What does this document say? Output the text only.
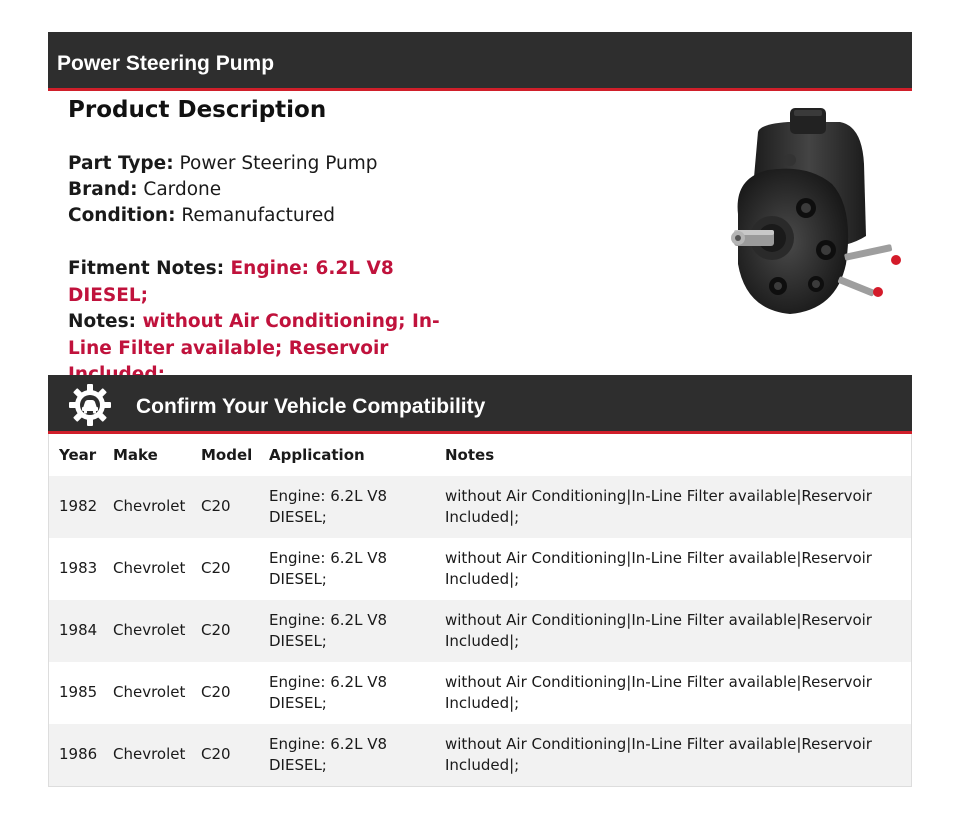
Power Steering Pump
Product Description
Part Type: Power Steering Pump
Brand: Cardone
Condition: Remanufactured
Fitment Notes: Engine: 6.2L V8 DIESEL;
Notes: without Air Conditioning; In-Line Filter available; Reservoir
Confirm Your Vehicle Compatibility
Year	Make	Model	Application	Notes
1982	Chevrolet	C20	Engine: 6.2L V8 DIESEL;	without Air Conditioning|In-Line Filter available|Reservoir Included|;
1983	Chevrolet	C20	Engine: 6.2L V8 DIESEL;	without Air Conditioning|In-Line Filter available|Reservoir Included|;
1984	Chevrolet	C20	Engine: 6.2L V8 DIESEL;	without Air Conditioning|In-Line Filter available|Reservoir Included|;
1985	Chevrolet	C20	Engine: 6.2L V8 DIESEL;	without Air Conditioning|In-Line Filter available|Reservoir Included|;
1986	Chevrolet	C20	Engine: 6.2L V8 DIESEL;	without Air Conditioning|In-Line Filter available|Reservoir Included|;
